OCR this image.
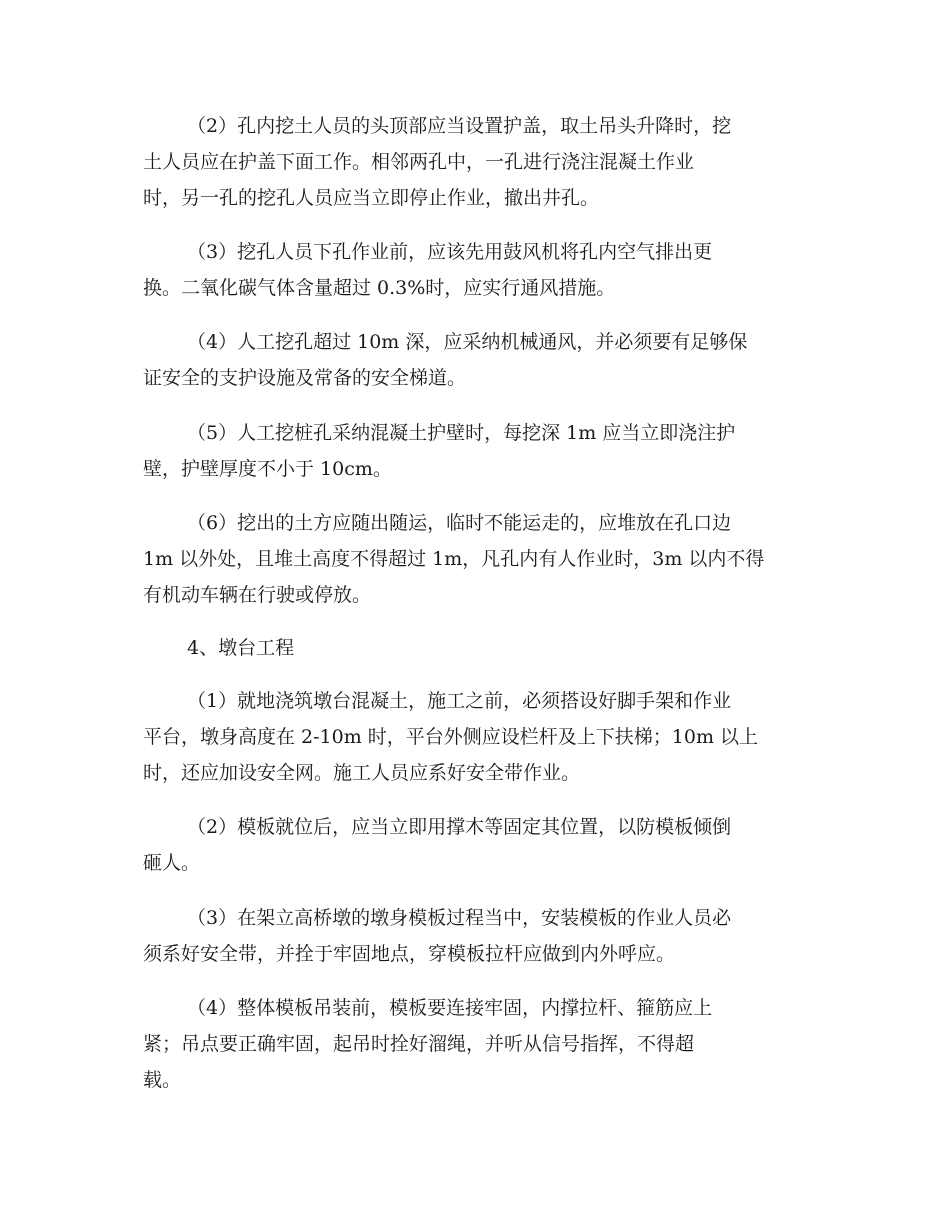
（2）孔内挖土人员的头顶部应当设置护盖，取土吊头升降时，挖
土人员应在护盖下面工作。相邻两孔中，一孔进行浇注混凝土作业
时，另一孔的挖孔人员应当立即停止作业，撤出井孔。
（3）挖孔人员下孔作业前，应该先用鼓风机将孔内空气排出更
换。二氧化碳气体含量超过 0.3%时，应实行通风措施。
（4）人工挖孔超过 10m 深，应采纳机械通风，并必须要有足够保
证安全的支护设施及常备的安全梯道。
（5）人工挖桩孔采纳混凝土护壁时，每挖深 1m 应当立即浇注护
壁，护壁厚度不小于 10cm。
（6）挖出的土方应随出随运，临时不能运走的，应堆放在孔口边
1m 以外处，且堆土高度不得超过 1m，凡孔内有人作业时，3m 以内不得
有机动车辆在行驶或停放。
4、墩台工程
（1）就地浇筑墩台混凝土，施工之前，必须搭设好脚手架和作业
平台，墩身高度在 2-10m 时，平台外侧应设栏杆及上下扶梯；10m 以上
时，还应加设安全网。施工人员应系好安全带作业。
（2）模板就位后，应当立即用撑木等固定其位置，以防模板倾倒
砸人。
（3）在架立高桥墩的墩身模板过程当中，安装模板的作业人员必
须系好安全带，并拴于牢固地点，穿模板拉杆应做到内外呼应。
（4）整体模板吊装前，模板要连接牢固，内撑拉杆、箍筋应上
紧；吊点要正确牢固，起吊时拴好溜绳，并听从信号指挥，不得超
载。
